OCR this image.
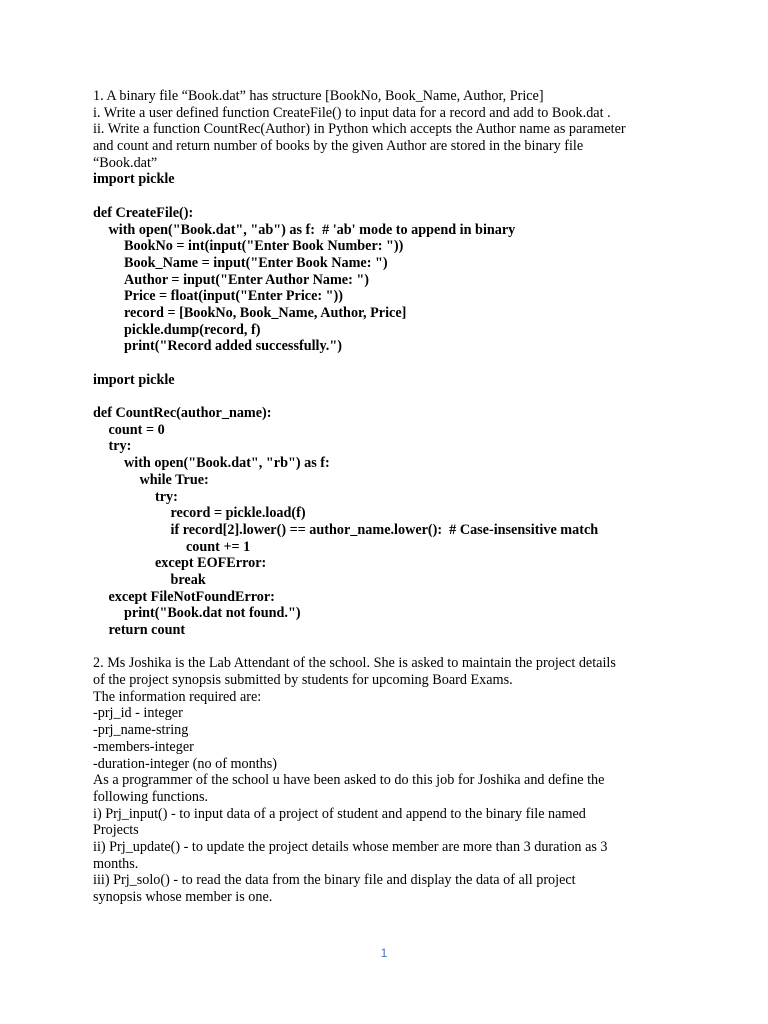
1. A binary file “Book.dat” has structure [BookNo, Book_Name, Author, Price]
i. Write a user defined function CreateFile() to input data for a record and add to Book.dat .
ii. Write a function CountRec(Author) in Python which accepts the Author name as parameter
and count and return number of books by the given Author are stored in the binary file
“Book.dat”
import pickle
def CreateFile():
with open("Book.dat", "ab") as f:  # 'ab' mode to append in binary
BookNo = int(input("Enter Book Number: "))
Book_Name = input("Enter Book Name: ")
Author = input("Enter Author Name: ")
Price = float(input("Enter Price: "))
record = [BookNo, Book_Name, Author, Price]
pickle.dump(record, f)
print("Record added successfully.")
import pickle
def CountRec(author_name):
count = 0
try:
with open("Book.dat", "rb") as f:
while True:
try:
record = pickle.load(f)
if record[2].lower() == author_name.lower():  # Case-insensitive match
count += 1
except EOFError:
break
except FileNotFoundError:
print("Book.dat not found.")
return count
2. Ms Joshika is the Lab Attendant of the school. She is asked to maintain the project details
of the project synopsis submitted by students for upcoming Board Exams.
The information required are:
-prj_id - integer
-prj_name-string
-members-integer
-duration-integer (no of months)
As a programmer of the school u have been asked to do this job for Joshika and define the
following functions.
i) Prj_input() - to input data of a project of student and append to the binary file named
Projects
ii) Prj_update() - to update the project details whose member are more than 3 duration as 3
months.
iii) Prj_solo() - to read the data from the binary file and display the data of all project
synopsis whose member is one.
1
